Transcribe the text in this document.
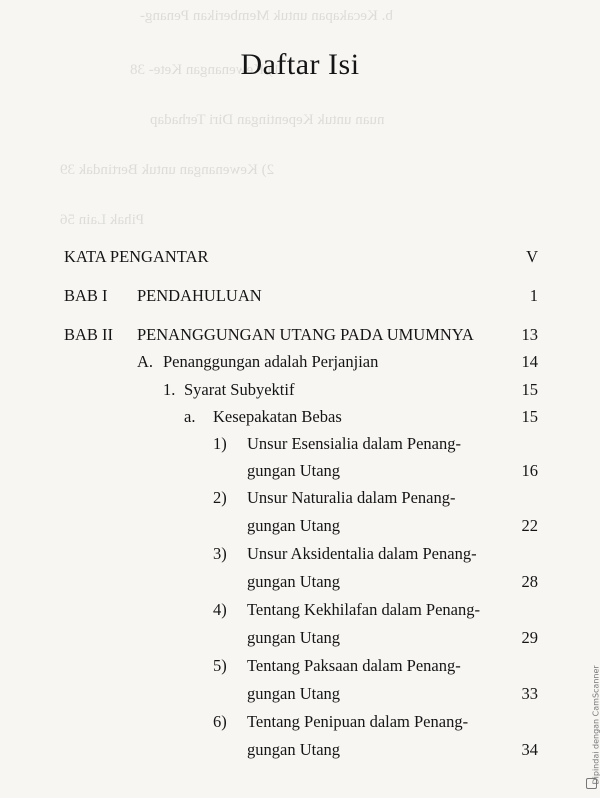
b. Kecakapan untuk Memberikan Penang-
1) Kewenangan Kete- 38
nuan untuk Kepentingan Diri Terhadap
2) Kewenangan untuk Bertindak 39
Pihak Lain 56
Daftar Isi
KATA PENGANTAR	V
BAB I PENDAHULUAN	1
BAB II PENANGGUNGAN UTANG PADA UMUMNYA	13
A. Penanggungan adalah Perjanjian	14
1. Syarat Subyektif	15
a. Kesepakatan Bebas	15
1) Unsur Esensialia dalam Penang-
gungan Utang	16
2) Unsur Naturalia dalam Penang-
gungan Utang	22
3) Unsur Aksidentalia dalam Penang-
gungan Utang	28
4) Tentang Kekhilafan dalam Penang-
gungan Utang	29
5) Tentang Paksaan dalam Penang-
gungan Utang	33
6) Tentang Penipuan dalam Penang-
gungan Utang	34	Dipindai dengan CamScanner
